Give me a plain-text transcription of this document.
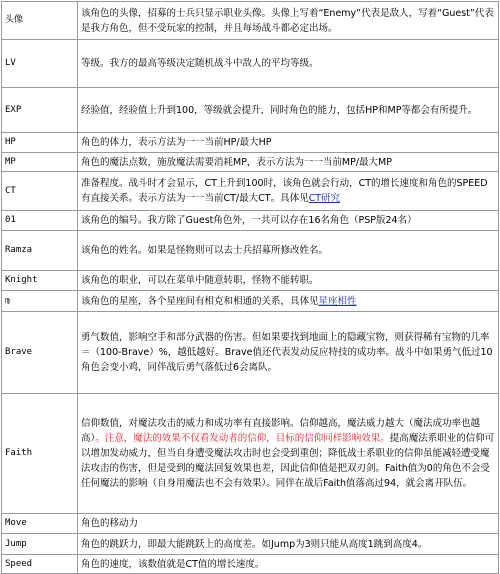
头像	该角色的头像，招募的士兵只显示职业头像。头像上写着“Enemy”代表是敌人，写着“Guest”代表是我方角色，但不受玩家的控制，并且每场战斗都必定出场。
LV	等级。我方的最高等级决定随机战斗中敌人的平均等级。
EXP	经验值，经验值上升到100，等级就会提升，同时角色的能力，包括HP和MP等都会有所提升。
HP	角色的体力，表示方法为一一当前HP/最大HP
MP	角色的魔法点数，施放魔法需要消耗MP，表示方法为一一当前MP/最大MP
CT	准备程度。战斗时才会显示，CT上升到100时，该角色就会行动，CT的增长速度和角色的SPEED有直接关系。表示方法为一一当前CT/最大CT。具体见CT研究
01	该角色的编号。我方除了Guest角色外，一共可以存在16名角色（PSP版24名）
Ramza	该角色的姓名。如果是怪物则可以去士兵招募所修改姓名。
Knight	该角色的职业，可以在菜单中随意转职，怪物不能转职。
♍	该角色的星座，各个星座间有相克和相通的关系，具体见星座相性
Brave	勇气数值，影响空手和部分武器的伤害。但如果要找到地面上的隐藏宝物，则获得稀有宝物的几率＝（100-Brave）%，越低越好。Brave值还代表发动反应特技的成功率。战斗中如果勇气低过10角色会变小鸡，同伴战后勇气落低过6会离队。
Faith	信仰数值，对魔法攻击的威力和成功率有直接影响。信仰越高，魔法威力越大（魔法成功率也越高）。注意，魔法的效果不仅看发动者的信仰，目标的信仰同样影响效果。提高魔法系职业的信仰可以增加发动威力，但当自身遭受魔法攻击时也会受到重创；降低战士系职业的信仰虽能减轻遭受魔法攻击的伤害，但是受到的魔法回复效果也差，因此信仰值是把双刃剑。Faith值为0的角色不会受任何魔法的影响（自身用魔法也不会有效果）。同伴在战后Faith值落高过94，就会离开队伍。
Move	角色的移动力
Jump	角色的跳跃力，即最大能跳跃上的高度差。如Jump为3则只能从高度1跳到高度4。
Speed	角色的速度，该数值就是CT值的增长速度。
